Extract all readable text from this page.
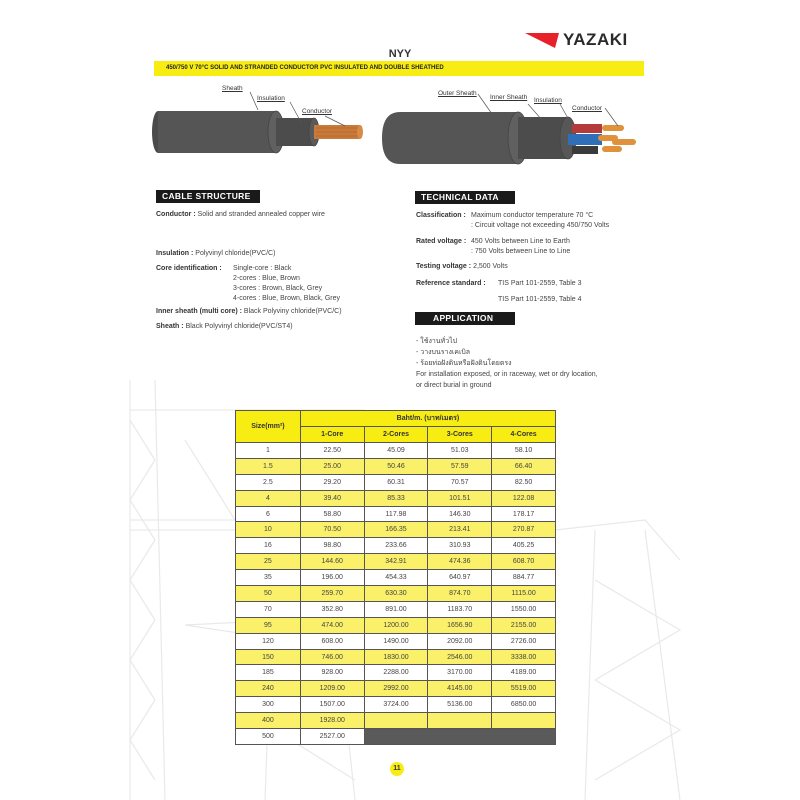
YAZAKI
NYY
450/750 V 70°C SOLID AND STRANDED CONDUCTOR PVC INSULATED AND DOUBLE SHEATHED
Sheath
Insulation
Conductor
Outer Sheath
Inner Sheath Insulation
Conductor
CABLE STRUCTURE
Conductor : Solid and stranded annealed copper wire
Insulation : Polyvinyl chloride(PVC/C)
Core identification : Single-core : Black
2-cores : Blue, Brown
3-cores : Brown, Black, Grey
4-cores : Blue, Brown, Black, Grey
Inner sheath (multi core) : Black Polyviny chloride(PVC/C)
Sheath : Black Polyvinyl chloride(PVC/ST4)
TECHNICAL DATA
Classification : Maximum conductor temperature 70 °C
: Circuit voltage not exceeding 450/750 Volts
Rated voltage : 450 Volts between Line to Earth
: 750 Volts between Line to Line
Testing voltage : 2,500 Volts
Reference standard : TIS Part 101-2559, Table 3
TIS Part 101-2559, Table 4
APPLICATION
- ใช้งานทั่วไป
- วางบนรางเคเบิล
- ร้อยท่อฝังดินหรือฝังดินโดยตรง
For installation exposed, or in raceway, wet or dry location,
or direct burial in ground
Size(mm²)	Baht/m. (บาท/เมตร)			
	1-Core	2-Cores	3-Cores	4-Cores
1	22.50	45.09	51.03	58.10
1.5	25.00	50.46	57.59	66.40
2.5	29.20	60.31	70.57	82.50
4	39.40	85.33	101.51	122.08
6	58.80	117.98	146.30	178.17
10	70.50	166.35	213.41	270.87
16	98.80	233.66	310.93	405.25
25	144.60	342.91	474.36	608.70
35	196.00	454.33	640.97	884.77
50	259.70	630.30	874.70	1115.00
70	352.80	891.00	1183.70	1550.00
95	474.00	1200.00	1656.90	2155.00
120	608.00	1490.00	2092.00	2726.00
150	746.00	1830.00	2546.00	3338.00
185	928.00	2288.00	3170.00	4189.00
240	1209.00	2992.00	4145.00	5519.00
300	1507.00	3724.00	5136.00	6850.00
400	1928.00			
500	2527.00			
11
